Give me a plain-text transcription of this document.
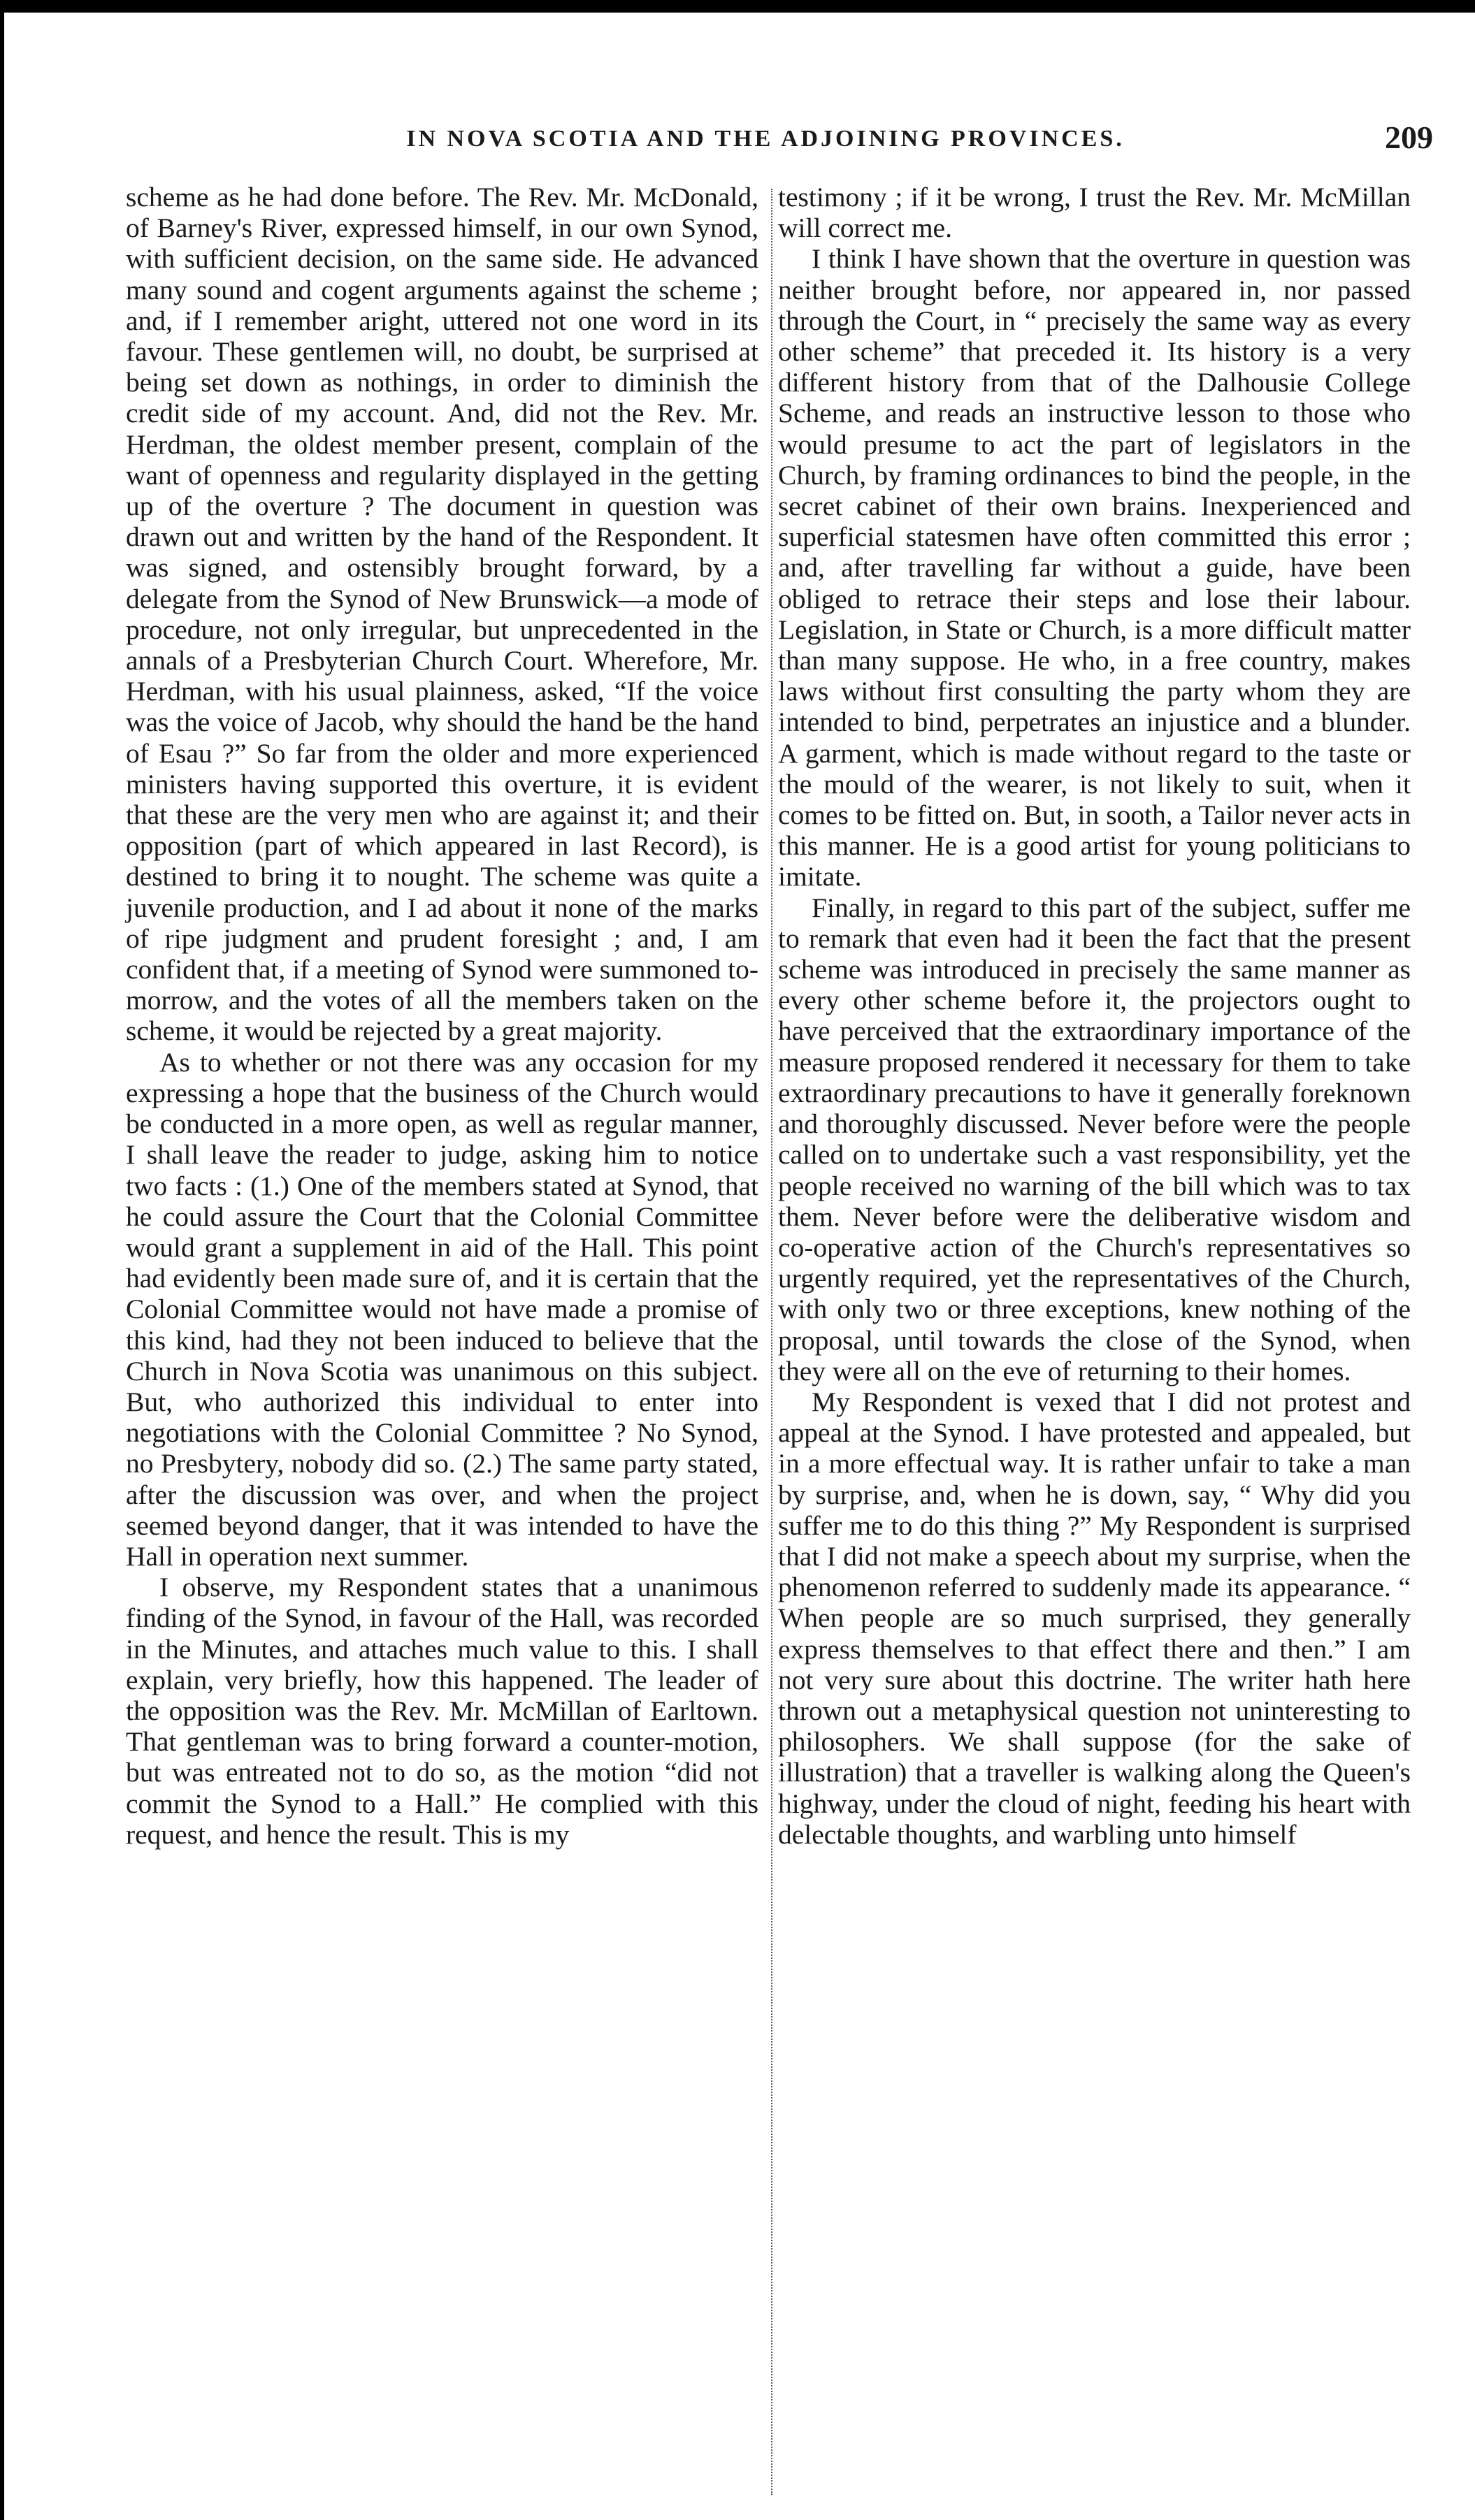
IN NOVA SCOTIA AND THE ADJOINING PROVINCES.	209

scheme as he had done before. The Rev. Mr. McDonald, of Barney's River, expressed himself, in our own Synod, with sufficient decision, on the same side. He advanced many sound and cogent arguments against the scheme ; and, if I remember aright, uttered not one word in its favour. These gentlemen will, no doubt, be surprised at being set down as nothings, in order to diminish the credit side of my account. And, did not the Rev. Mr. Herdman, the oldest member present, complain of the want of openness and regularity displayed in the getting up of the overture ? The document in question was drawn out and written by the hand of the Respondent. It was signed, and ostensibly brought forward, by a delegate from the Synod of New Brunswick—a mode of procedure, not only irregular, but unprecedented in the annals of a Presbyterian Church Court. Wherefore, Mr. Herdman, with his usual plainness, asked, “If the voice was the voice of Jacob, why should the hand be the hand of Esau ?” So far from the older and more experienced ministers having supported this overture, it is evident that these are the very men who are against it; and their opposition (part of which appeared in last Record), is destined to bring it to nought. The scheme was quite a juvenile production, and I ad about it none of the marks of ripe judgment and prudent foresight ; and, I am confident that, if a meeting of Synod were summoned to-morrow, and the votes of all the members taken on the scheme, it would be rejected by a great majority.

As to whether or not there was any occasion for my expressing a hope that the business of the Church would be conducted in a more open, as well as regular manner, I shall leave the reader to judge, asking him to notice two facts : (1.) One of the members stated at Synod, that he could assure the Court that the Colonial Committee would grant a supplement in aid of the Hall. This point had evidently been made sure of, and it is certain that the Colonial Committee would not have made a promise of this kind, had they not been induced to believe that the Church in Nova Scotia was unanimous on this subject. But, who authorized this individual to enter into negotiations with the Colonial Committee ? No Synod, no Presbytery, nobody did so. (2.) The same party stated, after the discussion was over, and when the project seemed beyond danger, that it was intended to have the Hall in operation next summer.

I observe, my Respondent states that a unanimous finding of the Synod, in favour of the Hall, was recorded in the Minutes, and attaches much value to this. I shall explain, very briefly, how this happened. The leader of the opposition was the Rev. Mr. McMillan of Earltown. That gentleman was to bring forward a counter-motion, but was entreated not to do so, as the motion “did not commit the Synod to a Hall.” He complied with this request, and hence the result. This is my

testimony ; if it be wrong, I trust the Rev. Mr. McMillan will correct me.

I think I have shown that the overture in question was neither brought before, nor appeared in, nor passed through the Court, in “ precisely the same way as every other scheme” that preceded it. Its history is a very different history from that of the Dalhousie College Scheme, and reads an instructive lesson to those who would presume to act the part of legislators in the Church, by framing ordinances to bind the people, in the secret cabinet of their own brains. Inexperienced and superficial statesmen have often committed this error ; and, after travelling far without a guide, have been obliged to retrace their steps and lose their labour. Legislation, in State or Church, is a more difficult matter than many suppose. He who, in a free country, makes laws without first consulting the party whom they are intended to bind, perpetrates an injustice and a blunder. A garment, which is made without regard to the taste or the mould of the wearer, is not likely to suit, when it comes to be fitted on. But, in sooth, a Tailor never acts in this manner. He is a good artist for young politicians to imitate.

Finally, in regard to this part of the subject, suffer me to remark that even had it been the fact that the present scheme was introduced in precisely the same manner as every other scheme before it, the projectors ought to have perceived that the extraordinary importance of the measure proposed rendered it necessary for them to take extraordinary precautions to have it generally foreknown and thoroughly discussed. Never before were the people called on to undertake such a vast responsibility, yet the people received no warning of the bill which was to tax them. Never before were the deliberative wisdom and co-operative action of the Church's representatives so urgently required, yet the representatives of the Church, with only two or three exceptions, knew nothing of the proposal, until towards the close of the Synod, when they were all on the eve of returning to their homes.

My Respondent is vexed that I did not protest and appeal at the Synod. I have protested and appealed, but in a more effectual way. It is rather unfair to take a man by surprise, and, when he is down, say, “ Why did you suffer me to do this thing ?” My Respondent is surprised that I did not make a speech about my surprise, when the phenomenon referred to suddenly made its appearance. “ When people are so much surprised, they generally express themselves to that effect there and then.” I am not very sure about this doctrine. The writer hath here thrown out a metaphysical question not uninteresting to philosophers. We shall suppose (for the sake of illustration) that a traveller is walking along the Queen's highway, under the cloud of night, feeding his heart with delectable thoughts, and warbling unto himself
